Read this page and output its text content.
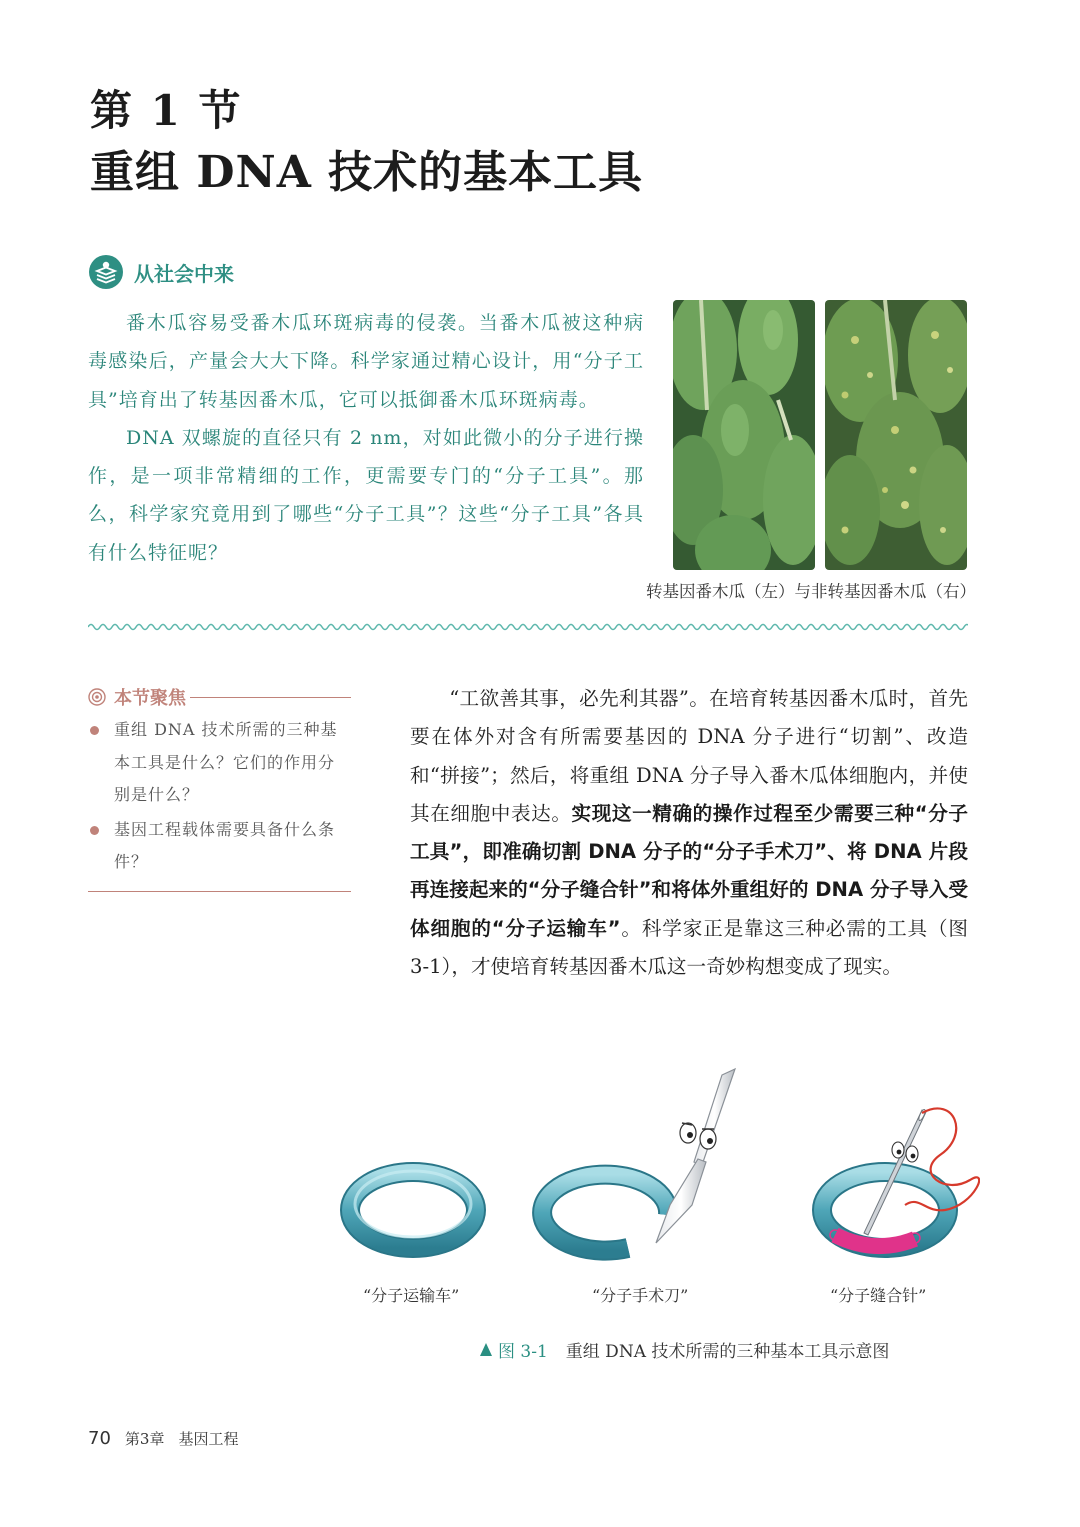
第 1 节
重组 DNA 技术的基本工具
从社会中来

番木瓜容易受番木瓜环斑病毒的侵袭。当番木瓜被这种病毒感染后，产量会大大下降。科学家通过精心设计，用“分子工具”培育出了转基因番木瓜，它可以抵御番木瓜环斑病毒。

DNA 双螺旋的直径只有 2 nm，对如此微小的分子进行操作，是一项非常精细的工作，更需要专门的“分子工具”。那么，科学家究竟用到了哪些“分子工具”？这些“分子工具”各具有什么特征呢？

转基因番木瓜（左）与非转基因番木瓜（右）
本节聚焦
重组 DNA 技术所需的三种基本工具是什么？它们的作用分别是什么？
基因工程载体需要具备什么条件？

“工欲善其事，必先利其器”。在培育转基因番木瓜时，首先要在体外对含有所需要基因的 DNA 分子进行“切割”、改造和“拼接”；然后，将重组 DNA 分子导入番木瓜体细胞内，并使其在细胞中表达。实现这一精确的操作过程至少需要三种“分子工具”，即准确切割 DNA 分子的“分子手术刀”、将 DNA 片段再连接起来的“分子缝合针”和将体外重组好的 DNA 分子导入受体细胞的“分子运输车”。科学家正是靠这三种必需的工具（图 3-1），才使培育转基因番木瓜这一奇妙构想变成了现实。

“分子运输车”	“分子手术刀”	“分子缝合针”
图 3-1 重组 DNA 技术所需的三种基本工具示意图
70 第3章 基因工程
